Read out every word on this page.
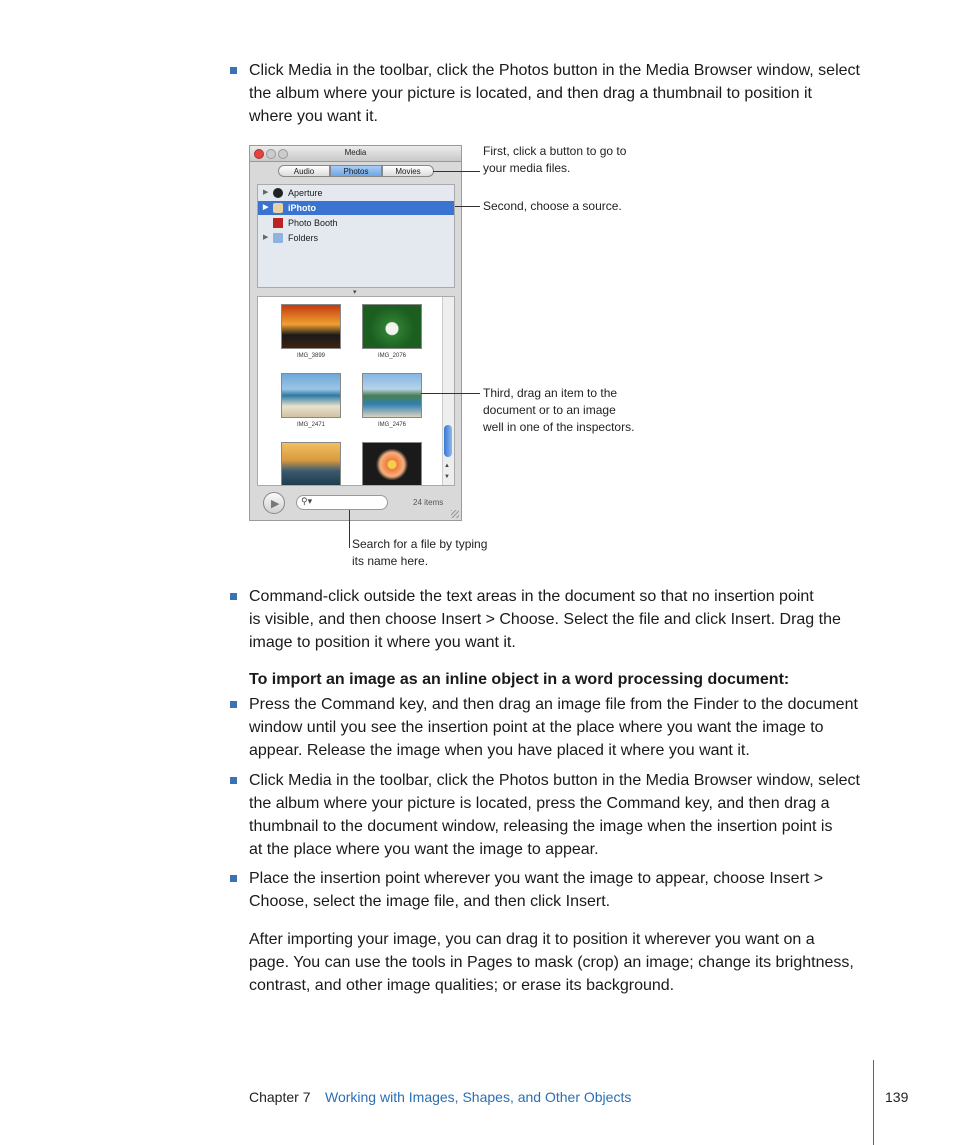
Click Media in the toolbar, click the Photos button in the Media Browser window, select
the album where your picture is located, and then drag a thumbnail to position it
where you want it.
Media
Audio	Photos	Movies
▶ Aperture
▶ iPhoto
Photo Booth
▶ Folders
▾
IMG_3899	IMG_2076
IMG_2471	IMG_2476
▲
▼
▶ ⚲▾	24 items
First, click a button to go to
your media files.
Second, choose a source.
Third, drag an item to the
document or to an image
well in one of the inspectors.
Search for a file by typing
its name here.
Command-click outside the text areas in the document so that no insertion point
is visible, and then choose Insert > Choose. Select the file and click Insert. Drag the
image to position it where you want it.
To import an image as an inline object in a word processing document:
Press the Command key, and then drag an image file from the Finder to the document
window until you see the insertion point at the place where you want the image to
appear. Release the image when you have placed it where you want it.
Click Media in the toolbar, click the Photos button in the Media Browser window, select
the album where your picture is located, press the Command key, and then drag a
thumbnail to the document window, releasing the image when the insertion point is
at the place where you want the image to appear.
Place the insertion point wherever you want the image to appear, choose Insert >
Choose, select the image file, and then click Insert.
After importing your image, you can drag it to position it wherever you want on a
page. You can use the tools in Pages to mask (crop) an image; change its brightness,
contrast, and other image qualities; or erase its background.
Chapter 7 Working with Images, Shapes, and Other Objects	139
